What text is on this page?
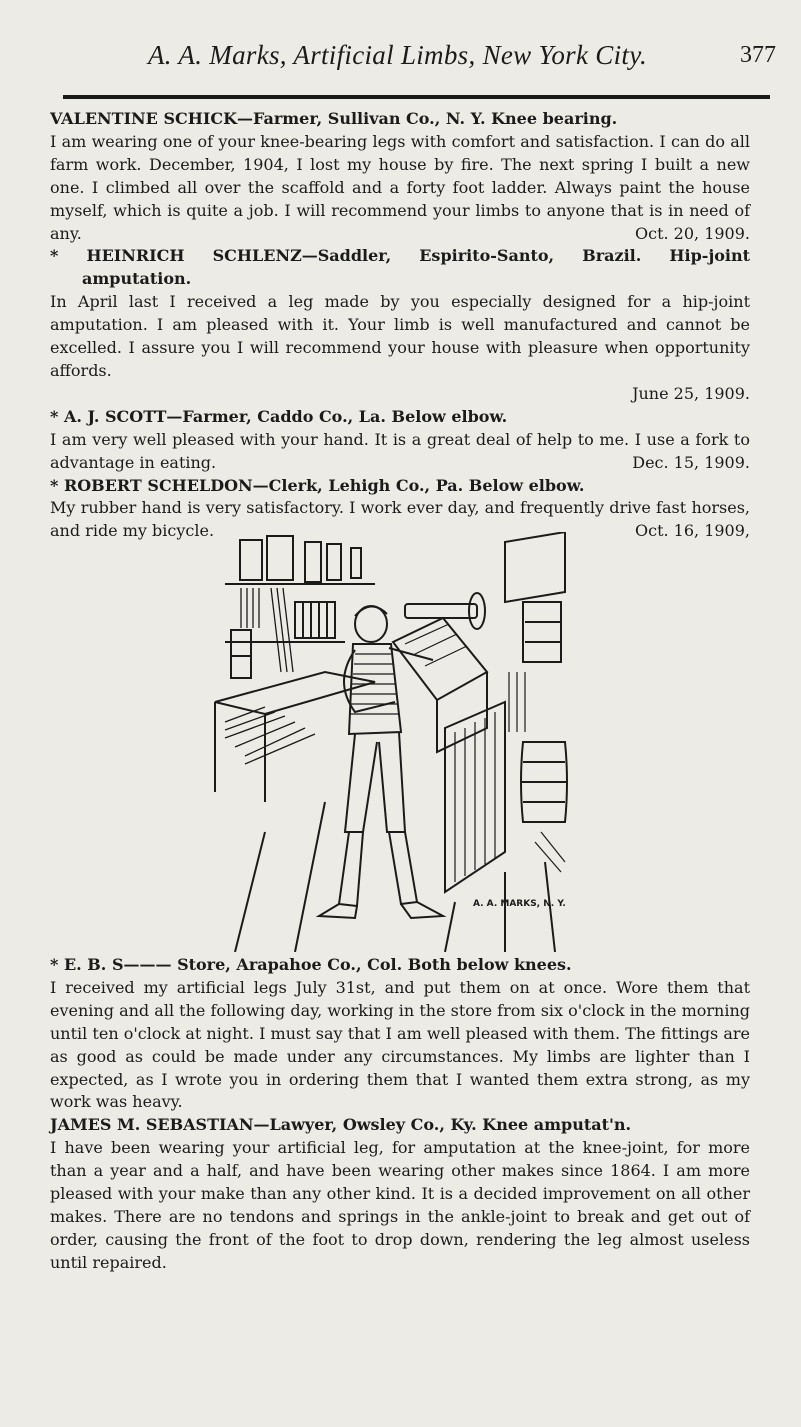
A. A. Marks, Artificial Limbs, New York City.	377

VALENTINE SCHICK—Farmer, Sullivan Co., N. Y. Knee bearing.

I am wearing one of your knee-bearing legs with comfort and satisfaction. I can do all farm work. December, 1904, I lost my house by fire. The next spring I built a new one. I climbed all over the scaffold and a forty foot ladder. Always paint the house myself, which is quite a job. I will recommend your limbs to anyone that is in need of any.	Oct. 20, 1909.

* HEINRICH SCHLENZ—Saddler, Espirito-Santo, Brazil. Hip-joint amputation.

In April last I received a leg made by you especially designed for a hip-joint amputation. I am pleased with it. Your limb is well manufactured and cannot be excelled. I assure you I will recommend your house with pleasure when opportunity affords.

June 25, 1909.

* A. J. SCOTT—Farmer, Caddo Co., La. Below elbow.

I am very well pleased with your hand. It is a great deal of help to me. I use a fork to advantage in eating.	Dec. 15, 1909.

* ROBERT SCHELDON—Clerk, Lehigh Co., Pa. Below elbow.

My rubber hand is very satisfactory. I work ever day, and frequently drive fast horses, and ride my bicycle.	Oct. 16, 1909,

A. A. MARKS, N. Y.

* E. B. S——— Store, Arapahoe Co., Col. Both below knees.

I received my artificial legs July 31st, and put them on at once. Wore them that evening and all the following day, working in the store from six o'clock in the morning until ten o'clock at night. I must say that I am well pleased with them. The fittings are as good as could be made under any circumstances. My limbs are lighter than I expected, as I wrote you in ordering them that I wanted them extra strong, as my work was heavy.

JAMES M. SEBASTIAN—Lawyer, Owsley Co., Ky. Knee amputat'n.

I have been wearing your artificial leg, for amputation at the knee-joint, for more than a year and a half, and have been wearing other makes since 1864. I am more pleased with your make than any other kind. It is a decided improvement on all other makes. There are no tendons and springs in the ankle-joint to break and get out of order, causing the front of the foot to drop down, rendering the leg almost useless until repaired.
